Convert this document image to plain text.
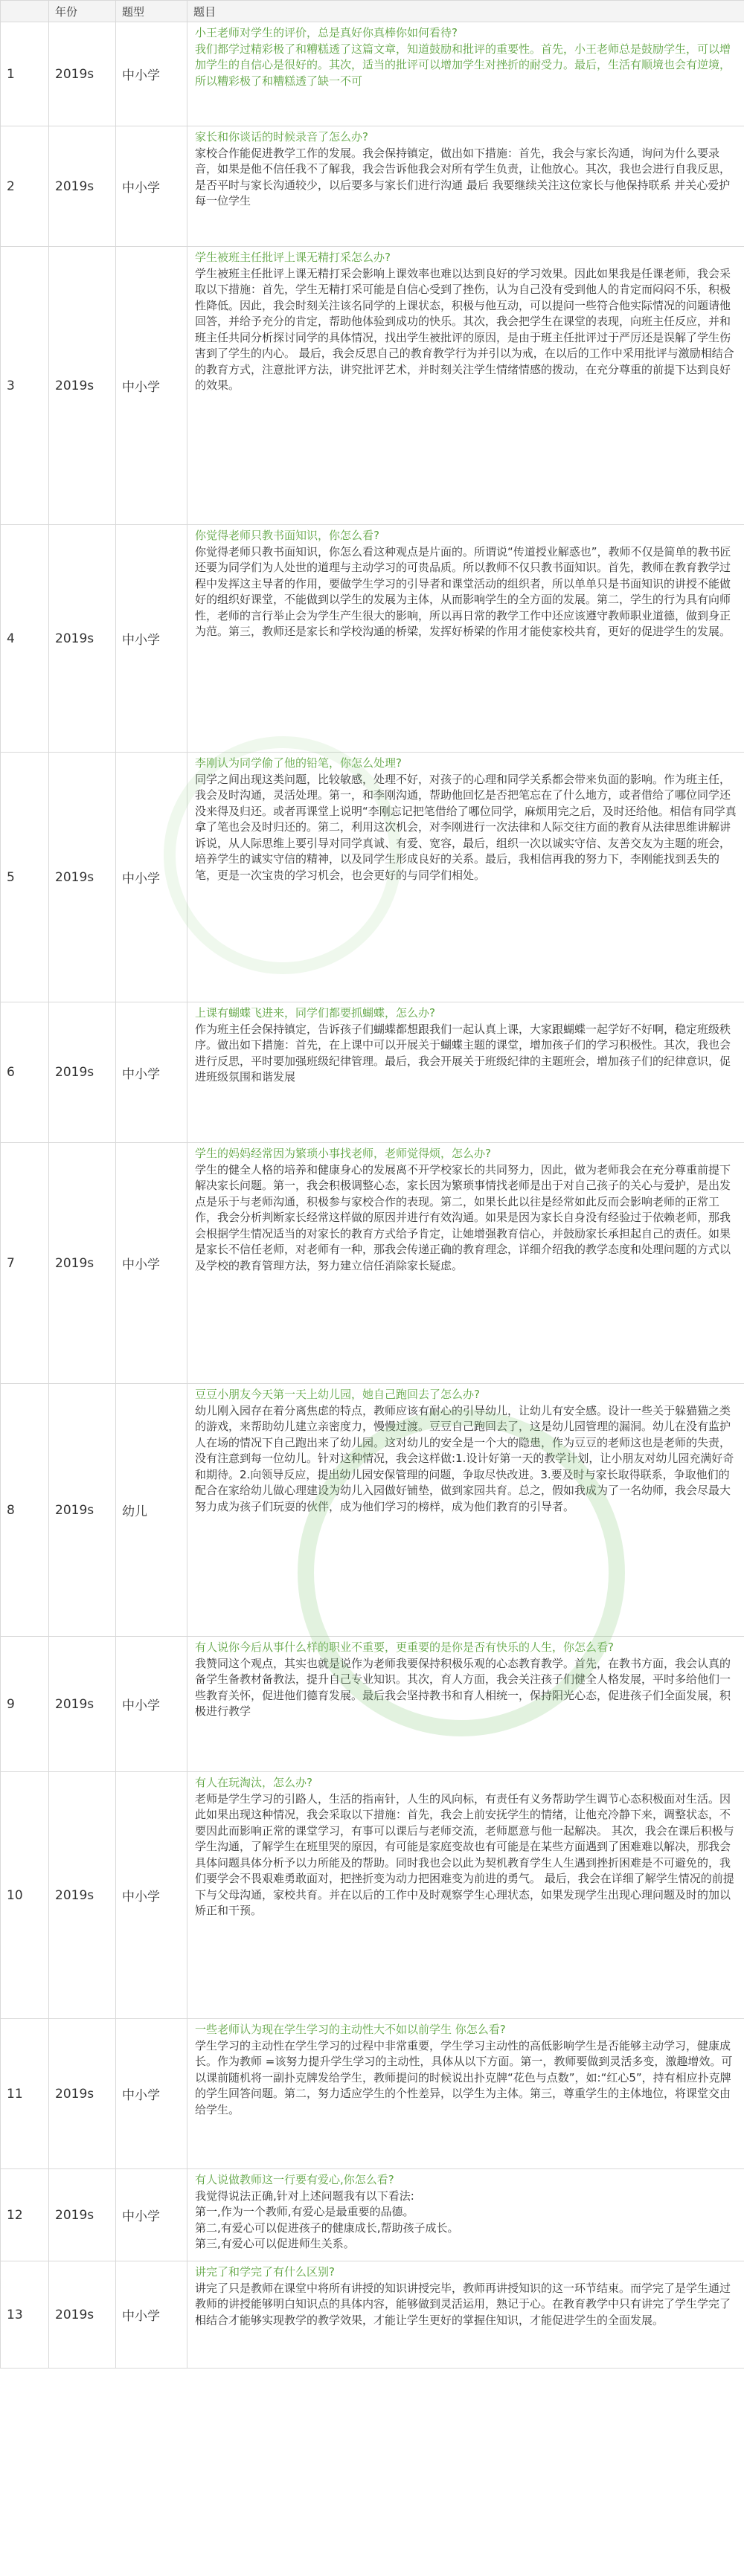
	年份	题型	题目
1	2019s	中小学	小王老师对学生的评价，总是真好你真棒你如何看待?
我们都学过精彩极了和糟糕透了这篇文章，知道鼓励和批评的重要性。首先，小王老师总是鼓励学生，可以增加学生的自信心是很好的。其次，适当的批评可以增加学生对挫折的耐受力。最后，生活有顺境也会有逆境，所以糟彩极了和糟糕透了缺一不可

2	2019s	中小学	家长和你谈话的时候录音了怎么办?
家校合作能促进教学工作的发展。我会保持镇定，做出如下措施：首先，我会与家长沟通，询问为什么要录音，如果是他不信任我不了解我，我会告诉他我会对所有学生负责，让他放心。其次，我也会进行自我反思，是否平时与家长沟通较少，以后要多与家长们进行沟通 最后 我要继续关注这位家长与他保持联系 并关心爱护每一位学生

3	2019s	中小学	学生被班主任批评上课无精打采怎么办?
学生被班主任批评上课无精打采会影响上课效率也难以达到良好的学习效果。因此如果我是任课老师，我会采取以下措施：首先，学生无精打采可能是自信心受到了挫伤，认为自己没有受到他人的肯定而闷闷不乐，积极性降低。因此，我会时刻关注该名同学的上课状态，积极与他互动，可以提问一些符合他实际情况的问题请他回答，并给予充分的肯定，帮助他体验到成功的快乐。其次，我会把学生在课堂的表现，向班主任反应，并和班主任共同分析探讨同学的具体情况，找出学生被批评的原因，是由于班主任批评过于严厉还是误解了学生伤害到了学生的内心。 最后，我会反思自己的教育教学行为并引以为戒，在以后的工作中采用批评与激励相结合的教育方式，注意批评方法，讲究批评艺术，并时刻关注学生情绪情感的拨动，在充分尊重的前提下达到良好的效果。

4	2019s	中小学	你觉得老师只教书面知识，你怎么看?
你觉得老师只教书面知识，你怎么看这种观点是片面的。所谓说“传道授业解惑也”，教师不仅是简单的教书匠还要为同学们为人处世的道理与主动学习的可贵品质。所以教师不仅只教书面知识。首先，教师在教育教学过程中发挥这主导者的作用，要做学生学习的引导者和课堂活动的组织者，所以单单只是书面知识的讲授不能做好的组织好课堂，不能做到以学生的发展为主体，从而影响学生的全方面的发展。第二，学生的行为具有向师性，老师的言行举止会为学生产生很大的影响，所以再日常的教学工作中还应该遵守教师职业道德，做到身正为范。第三，教师还是家长和学校沟通的桥梁，发挥好桥梁的作用才能使家校共育，更好的促进学生的发展。

5	2019s	中小学	李刚认为同学偷了他的铅笔，你怎么处理?
同学之间出现这类问题，比较敏感，处理不好，对孩子的心理和同学关系都会带来负面的影响。作为班主任，我会及时沟通，灵活处理。第一，和李刚沟通，帮助他回忆是否把笔忘在了什么地方，或者借给了哪位同学还没来得及归还。或者再课堂上说明“李刚忘记把笔借给了哪位同学，麻烦用完之后，及时还给他。相信有同学真拿了笔也会及时归还的。第二，利用这次机会，对李刚进行一次法律和人际交往方面的教育从法律思维讲解讲诉说，从人际思维上要引导对同学真诚、有爱、宽容，最后，组织一次以诚实守信、友善交友为主题的班会，培养学生的诚实守信的精神，以及同学生形成良好的关系。最后，我相信再我的努力下，李刚能找到丢失的笔，更是一次宝贵的学习机会，也会更好的与同学们相处。

6	2019s	中小学	上课有蝴蝶飞进来，同学们都要抓蝴蝶，怎么办?
作为班主任会保持镇定，告诉孩子们蝴蝶都想跟我们一起认真上课，大家跟蝴蝶一起学好不好啊，稳定班级秩序。做出如下措施：首先，在上课中可以开展关于蝴蝶主题的课堂，增加孩子们的学习积极性。其次，我也会进行反思，平时要加强班级纪律管理。最后，我会开展关于班级纪律的主题班会，增加孩子们的纪律意识，促进班级氛围和谐发展

7	2019s	中小学	学生的妈妈经常因为繁琐小事找老师，老师觉得烦，怎么办?
学生的健全人格的培养和健康身心的发展离不开学校家长的共同努力，因此，做为老师我会在充分尊重前提下解决家长问题。第一，我会积极调整心态，家长因为繁琐事情找老师是出于对自己孩子的关心与爱护，是出发点是乐于与老师沟通，积极参与家校合作的表现。第二，如果长此以往是经常如此反而会影响老师的正常工作，我会分析判断家长经常这样做的原因并进行有效沟通。如果是因为家长自身没有经验过于依赖老师，那我会根据学生情况适当的对家长的教育方式给予肯定，让她增强教育信心，并鼓励家长承担起自己的责任。如果是家长不信任老师，对老师有一种，那我会传递正确的教育理念，详细介绍我的教学态度和处理问题的方式以及学校的教育管理方法，努力建立信任消除家长疑虑。

8	2019s	幼儿	豆豆小朋友今天第一天上幼儿园，她自己跑回去了怎么办?
幼儿刚入园存在着分离焦虑的特点，教师应该有耐心的引导幼儿，让幼儿有安全感。设计一些关于躲猫猫之类的游戏，来帮助幼儿建立亲密度力，慢慢过渡。豆豆自己跑回去了，这是幼儿园管理的漏洞。幼儿在没有监护人在场的情况下自己跑出来了幼儿园。这对幼儿的安全是一个大的隐患，作为豆豆的老师这也是老师的失责，没有注意到每一位幼儿。针对这种情况，我会这样做:1.设计好第一天的教学计划，让小朋友对幼儿园充满好奇和期待。2.向领导反应，提出幼儿园安保管理的问题，争取尽快改进。3.要及时与家长取得联系，争取他们的配合在家给幼儿做心理建设为幼儿入园做好铺垫，做到家园共育。总之，假如我成为了一名幼师，我会尽最大努力成为孩子们玩耍的伙伴，成为他们学习的榜样，成为他们教育的引导者。

9	2019s	中小学	有人说你今后从事什么样的职业不重要，更重要的是你是否有快乐的人生，你怎么看?
我赞同这个观点，其实也就是说作为老师我要保持积极乐观的心态教育教学。首先，在教书方面，我会认真的备学生备教材备教法，提升自己专业知识。其次，育人方面，我会关注孩子们健全人格发展，平时多给他们一些教育关怀，促进他们德育发展。最后我会坚持教书和育人相统一，保持阳光心态，促进孩子们全面发展，积极进行教学

10	2019s	中小学	有人在玩淘汰，怎么办?
老师是学生学习的引路人，生活的指南针，人生的风向标，有责任有义务帮助学生调节心态积极面对生活。因此如果出现这种情况，我会采取以下措施：首先，我会上前安抚学生的情绪，让他充冷静下来，调整状态，不要因此而影响正常的课堂学习，有事可以课后与老师交流，老师愿意与他一起解决。 其次，我会在课后积极与学生沟通，了解学生在班里哭的原因，有可能是家庭变故也有可能是在某些方面遇到了困难难以解决，那我会具体问题具体分析予以力所能及的帮助。同时我也会以此为契机教育学生人生遇到挫折困难是不可避免的，我们要学会不畏艰难勇敢面对，把挫折变为动力把困难变为前进的勇气。 最后，我会在详细了解学生情况的前提下与父母沟通，家校共育。并在以后的工作中及时观察学生心理状态，如果发现学生出现心理问题及时的加以矫正和干预。

11	2019s	中小学	一些老师认为现在学生学习的主动性大不如以前学生 你怎么看?
学生学习的主动性在学生学习的过程中非常重要，学生学习主动性的高低影响学生是否能够主动学习，健康成长。作为教师 =该努力提升学生学习的主动性，具体从以下方面。第一，教师要做到灵活多变，激趣增效。可以课前随机将一副扑克牌发给学生，教师提问的时候说出扑克牌“花色与点数”，如:“红心5”，持有相应扑克牌的学生回答问题。第二，努力适应学生的个性差异，以学生为主体。第三，尊重学生的主体地位，将课堂交由给学生。

12	2019s	中小学	有人说做教师这一行要有爱心,你怎么看?
我觉得说法正确,针对上述问题我有以下看法:
第一,作为一个教师,有爱心是最重要的品德。
第二,有爱心可以促进孩子的健康成长,帮助孩子成长。
第三,有爱心可以促进师生关系。

13	2019s	中小学	讲完了和学完了有什么区别?
讲完了只是教师在课堂中将所有讲授的知识讲授完毕，教师再讲授知识的这一环节结束。而学完了是学生通过教师的讲授能够明白知识点的具体内容，能够做到灵活运用，熟记于心。在教育教学中只有讲完了学生学完了相结合才能够实现教学的教学效果，才能让学生更好的掌握住知识，才能促进学生的全面发展。
